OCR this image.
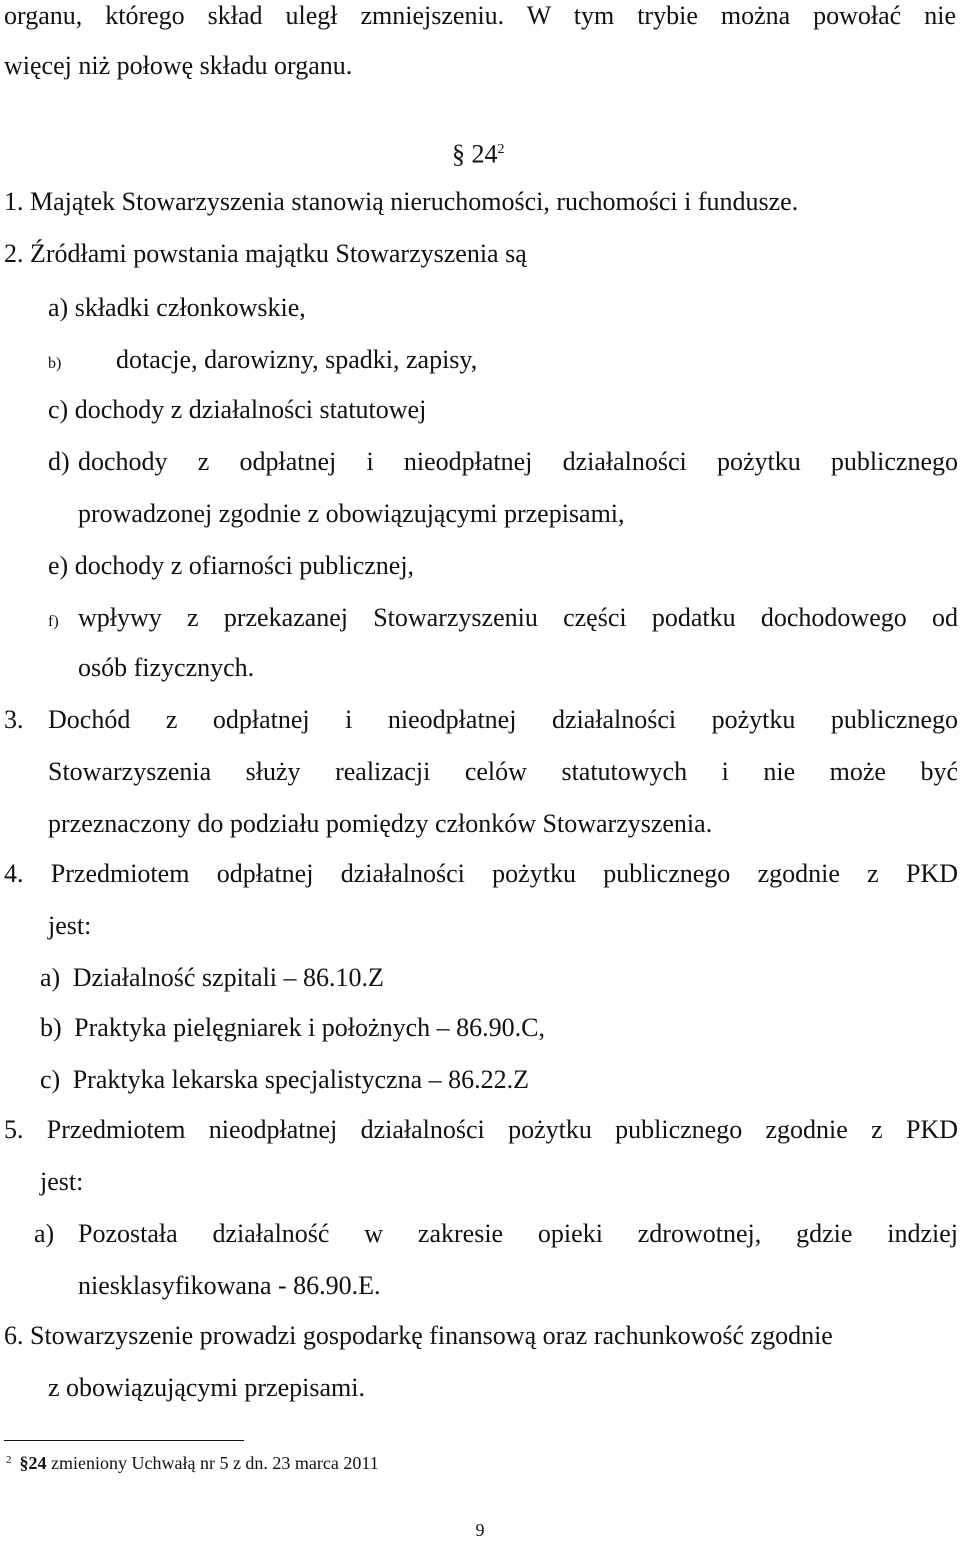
organu, którego skład uległ zmniejszeniu. W tym trybie można powołać nie
więcej niż połowę składu organu.
§ $24^2$
1. Majątek Stowarzyszenia stanowią nieruchomości, ruchomości i fundusze.
2. Źródłami powstania majątku Stowarzyszenia są
a) składki członkowskie,
b) dotacje, darowizny, spadki, zapisy,
c) dochody z działalności statutowej
d) dochody z odpłatnej i nieodpłatnej działalności pożytku publicznego
prowadzonej zgodnie z obowiązującymi przepisami,
e) dochody z ofiarności publicznej,
f) wpływy z przekazanej Stowarzyszeniu części podatku dochodowego od
osób fizycznych.
3. Dochód z odpłatnej i nieodpłatnej działalności pożytku publicznego
Stowarzyszenia służy realizacji celów statutowych i nie może być
przeznaczony do podziału pomiędzy członków Stowarzyszenia.
4. Przedmiotem odpłatnej działalności pożytku publicznego zgodnie z PKD
jest:
a) Działalność szpitali – 86.10.Z
b) Praktyka pielęgniarek i położnych – 86.90.C,
c) Praktyka lekarska specjalistyczna – 86.22.Z
5. Przedmiotem nieodpłatnej działalności pożytku publicznego zgodnie z PKD
jest:
a) Pozostała działalność w zakresie opieki zdrowotnej, gdzie indziej
niesklasyfikowana - 86.90.E.
6. Stowarzyszenie prowadzi gospodarkę finansową oraz rachunkowość zgodnie
z obowiązującymi przepisami.
$^2$ §24 zmieniony Uchwałą nr 5 z dn. 23 marca 2011
9
